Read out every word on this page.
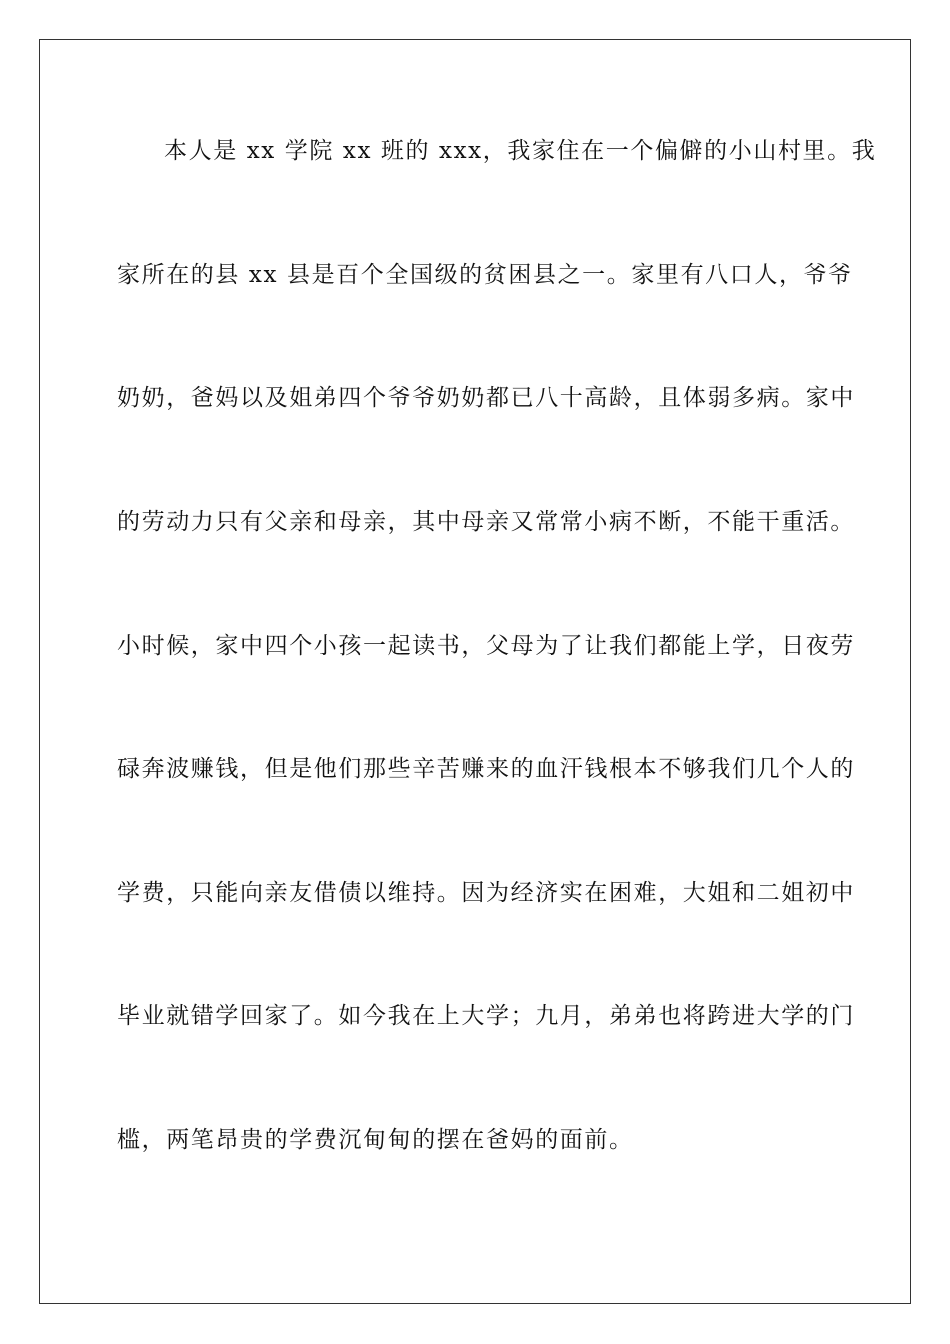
本人是 xx 学院 xx 班的 xxx，我家住在一个偏僻的小山村里。我
家所在的县 xx 县是百个全国级的贫困县之一。家里有八口人，爷爷
奶奶，爸妈以及姐弟四个爷爷奶奶都已八十高龄，且体弱多病。家中
的劳动力只有父亲和母亲，其中母亲又常常小病不断，不能干重活。
小时候，家中四个小孩一起读书，父母为了让我们都能上学，日夜劳
碌奔波赚钱，但是他们那些辛苦赚来的血汗钱根本不够我们几个人的
学费，只能向亲友借债以维持。因为经济实在困难，大姐和二姐初中
毕业就错学回家了。如今我在上大学；九月，弟弟也将跨进大学的门
槛，两笔昂贵的学费沉甸甸的摆在爸妈的面前。
